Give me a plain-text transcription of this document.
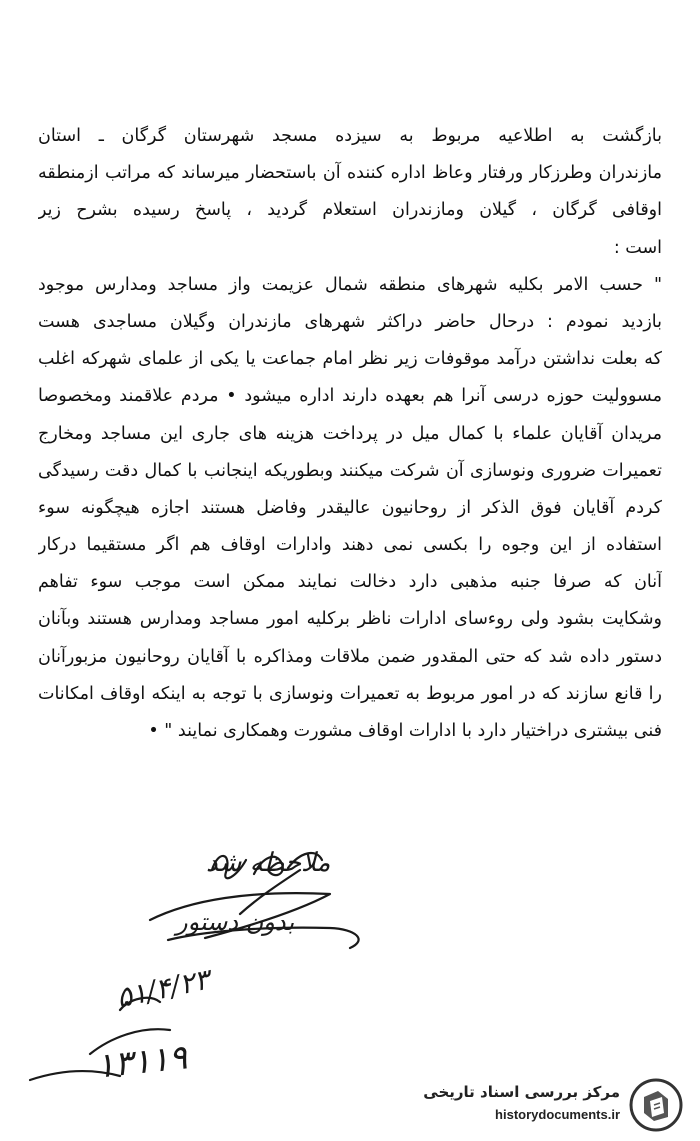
بازگشت به اطلاعیه مربوط به سیزده مسجد شهرستان گرگان ـ استان
مازندران وطرزکار ورفتار وعاظ اداره کننده آن باستحضار میرساند که مراتب ازمنطقه
اوقافی گرگان ، گیلان ومازندران استعلام گردید ، پاسخ رسیده بشرح زیر
است :
" حسب الامر بکلیه شهرهای منطقه شمال عزیمت واز مساجد ومدارس موجود
بازدید نمودم : درحال حاضر دراکثر شهرهای مازندران وگیلان مساجدی هست
که بعلت نداشتن درآمد موقوفات زیر نظر امام جماعت یا یکی از علمای شهرکه اغلب
مسوولیت حوزه درسی آنرا هم بعهده دارند اداره میشود • مردم علاقمند ومخصوصا
مریدان آقایان علماء با کمال میل در پرداخت هزینه های جاری این مساجد ومخارج
تعمیرات ضروری ونوسازی آن شرکت میکنند وبطوریکه اینجانب با کمال دقت رسیدگی
کردم آقایان فوق الذکر از روحانیون عالیقدر وفاضل هستند اجازه هیچگونه سوء
استفاده از این وجوه را بکسی نمی دهند وادارات اوقاف هم اگر مستقیما درکار
آنان که صرفا جنبه مذهبی دارد دخالت نمایند ممکن است موجب سوء تفاهم
وشکایت بشود ولی روءسای ادارات ناظر برکلیه امور مساجد ومدارس هستند وبآنان
دستور داده شد که حتی المقدور ضمن ملاقات ومذاکره با آقایان روحانیون مزبورآنان
را قانع سازند که در امور مربوط به تعمیرات ونوسازی با توجه به اینکه اوقاف امکانات
فنی بیشتری دراختیار دارد با ادارات اوقاف مشورت وهمکاری نمایند " •
ملاحظه شد
بدون دستور
۵۱/۴/۲۳
۱۳۱۱۹
مرکز بررسی اسناد تاریخی
historydocuments.ir
